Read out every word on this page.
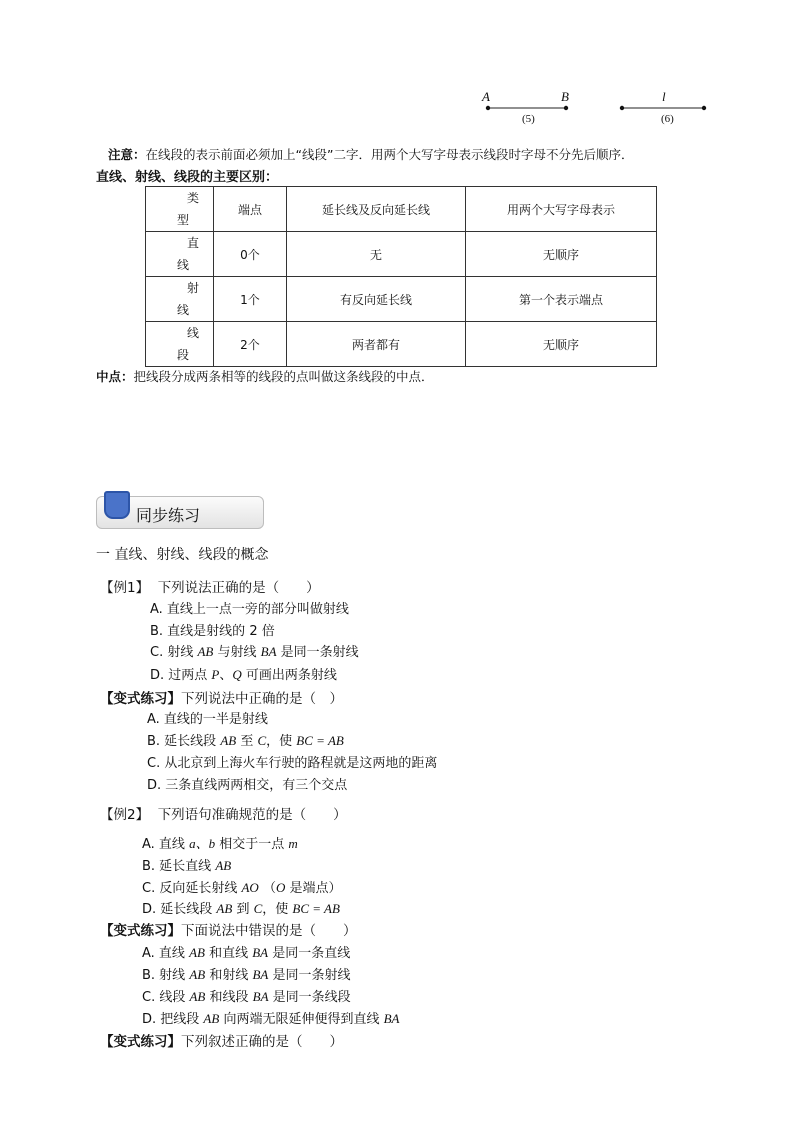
A	B
(5)
l
(6)
注意：在线段的表示前面必须加上“线段”二字．用两个大写字母表示线段时字母不分先后顺序．
直线、射线、线段的主要区别：
类
型	端点	延长线及反向延长线	用两个大写字母表示

直
线	0个	无	无顺序

射
线	1个	有反向延长线	第一个表示端点

线
段	2个	两者都有	无顺序
中点：把线段分成两条相等的线段的点叫做这条线段的中点．
同步练习
一 直线、射线、线段的概念
【例1】 下列说法正确的是（　　）
A. 直线上一点一旁的部分叫做射线
B. 直线是射线的 2 倍
C. 射线 AB 与射线 BA 是同一条射线
D. 过两点 P、Q 可画出两条射线
【变式练习】下列说法中正确的是（　）
A. 直线的一半是射线
B. 延长线段 AB 至 C，使 BC = AB
C. 从北京到上海火车行驶的路程就是这两地的距离
D. 三条直线两两相交，有三个交点
【例2】 下列语句准确规范的是（　　）
A. 直线 a、b 相交于一点 m
B. 延长直线 AB
C. 反向延长射线 AO （O 是端点）
D. 延长线段 AB 到 C，使 BC = AB
【变式练习】下面说法中错误的是（　　）
A. 直线 AB 和直线 BA 是同一条直线
B. 射线 AB 和射线 BA 是同一条射线
C. 线段 AB 和线段 BA 是同一条线段
D. 把线段 AB 向两端无限延伸便得到直线 BA
【变式练习】下列叙述正确的是（　　）
